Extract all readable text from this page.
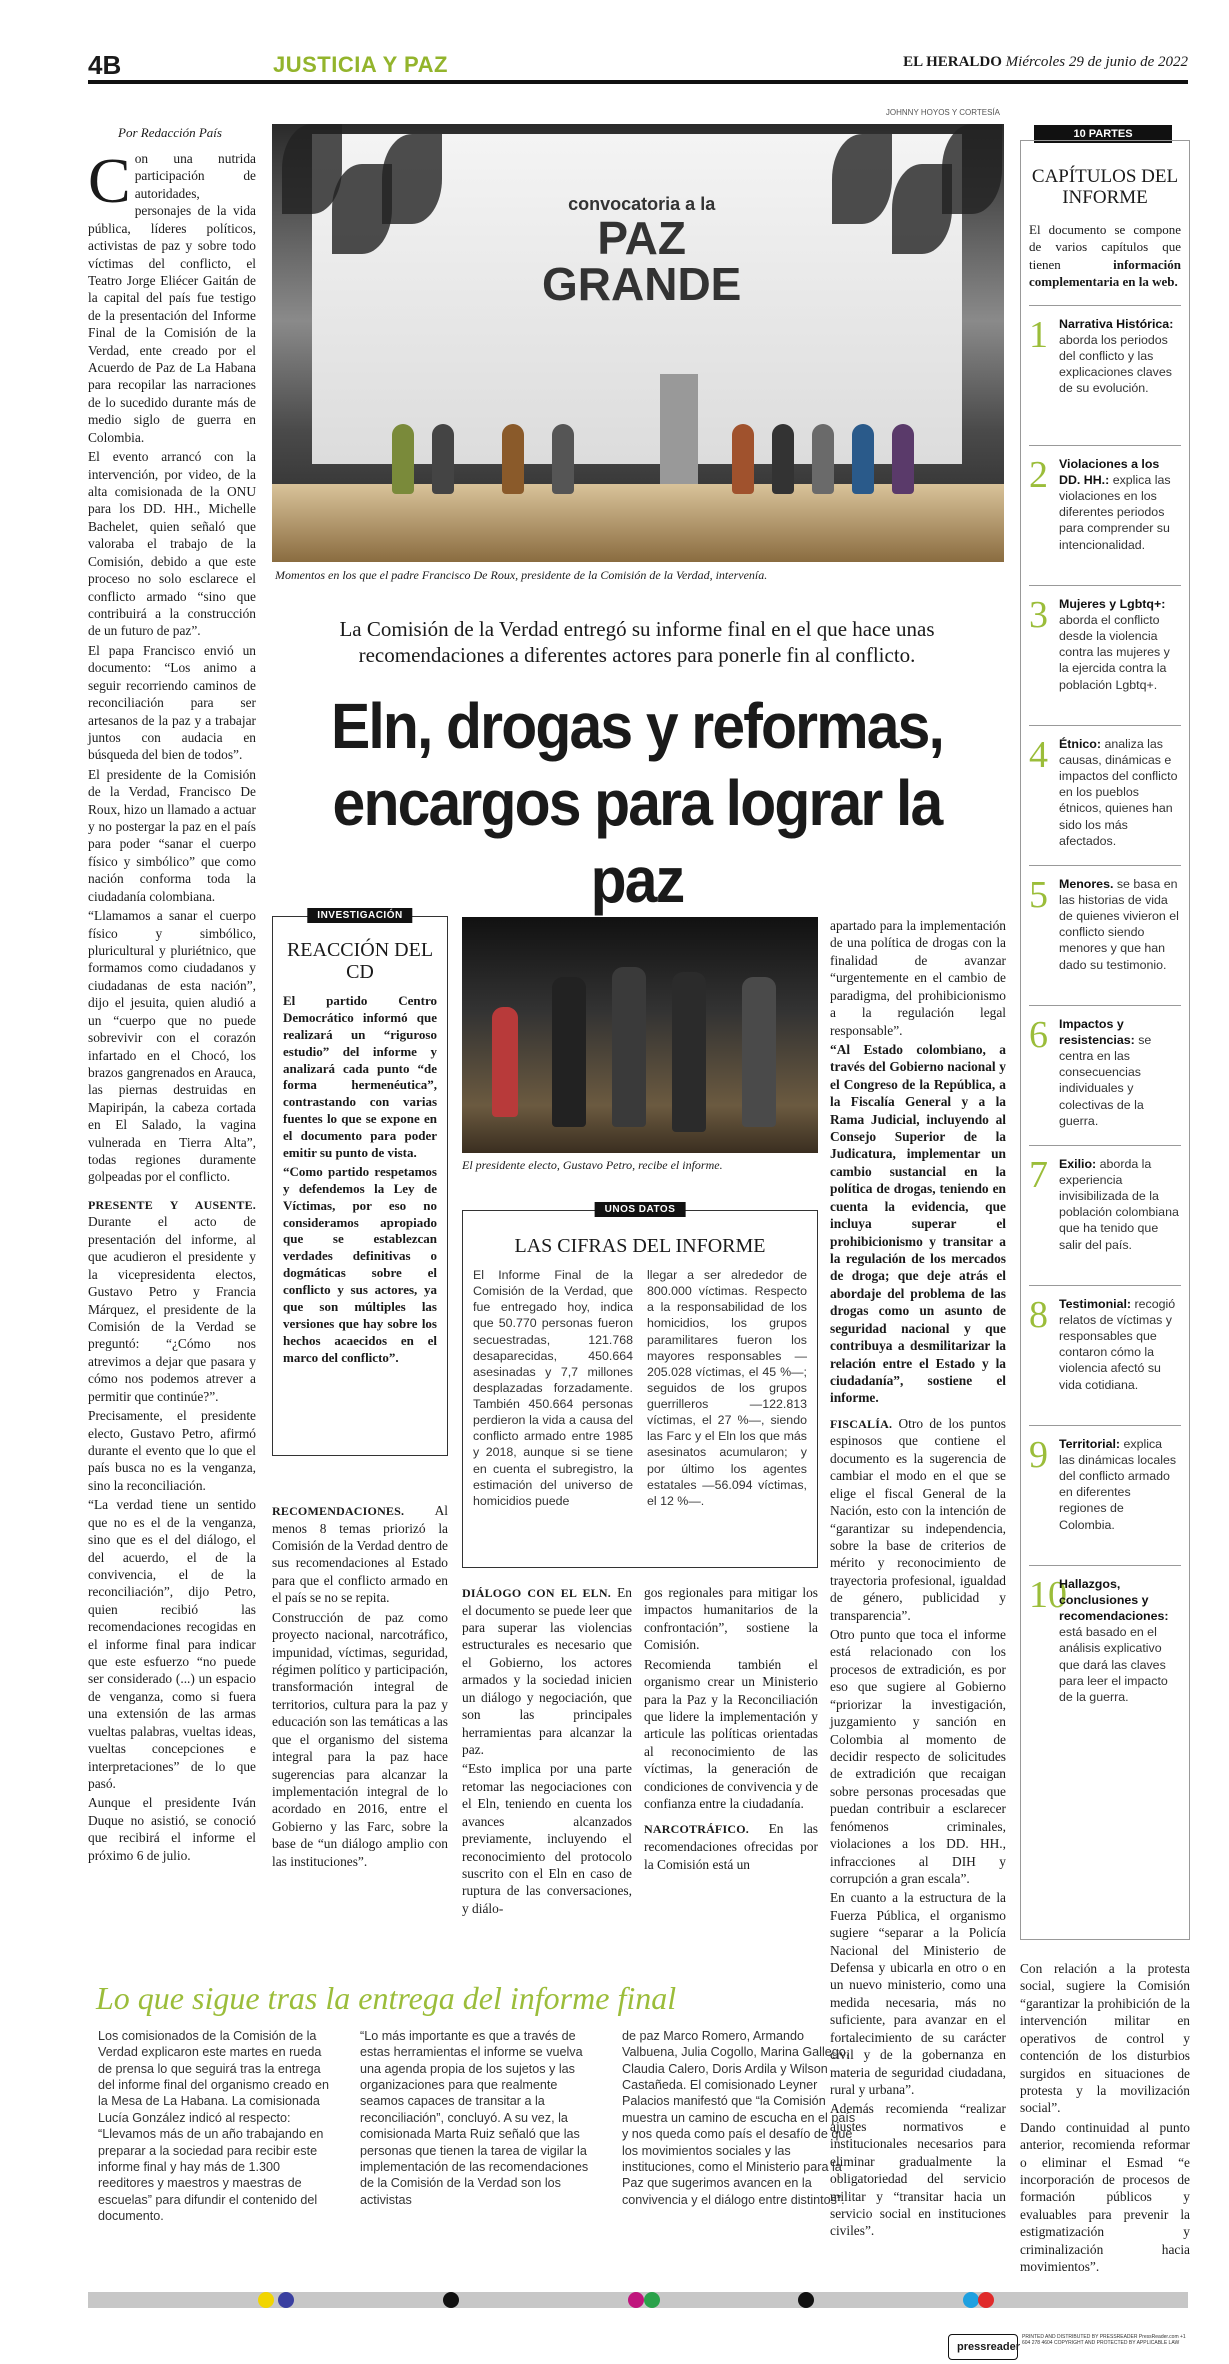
4B	JUSTICIA Y PAZ	EL HERALDO Miércoles 29 de junio de 2022
JOHNNY HOYOS Y CORTESÍA
convocatoria a la
PAZ
GRANDE
Momentos en los que el padre Francisco De Roux, presidente de la Comisión de la Verdad, intervenía.
La Comisión de la Verdad entregó su informe final en el que hace unas recomendaciones a diferentes actores para ponerle fin al conflicto.
Eln, drogas y reformas,
encargos para lograr la paz
Por Redacción País

Con una nutrida participación de autoridades, personajes de la vida pública, líderes políticos, activistas de paz y sobre todo víctimas del conflicto, el Teatro Jorge Eliécer Gaitán de la capital del país fue testigo de la presentación del Informe Final de la Comisión de la Verdad, ente creado por el Acuerdo de Paz de La Habana para recopilar las narraciones de lo sucedido durante más de medio siglo de guerra en Colombia.

El evento arrancó con la intervención, por video, de la alta comisionada de la ONU para los DD. HH., Michelle Bachelet, quien señaló que valoraba el trabajo de la Comisión, debido a que este proceso no solo esclarece el conflicto armado “sino que contribuirá a la construcción de un futuro de paz”.

El papa Francisco envió un documento: “Los animo a seguir recorriendo caminos de reconciliación para ser artesanos de la paz y a trabajar juntos con audacia en búsqueda del bien de todos”.

El presidente de la Comisión de la Verdad, Francisco De Roux, hizo un llamado a actuar y no postergar la paz en el país para poder “sanar el cuerpo físico y simbólico” que como nación conforma toda la ciudadanía colombiana.

“Llamamos a sanar el cuerpo físico y simbólico, pluricultural y pluriétnico, que formamos como ciudadanos y ciudadanas de esta nación”, dijo el jesuita, quien aludió a un “cuerpo que no puede sobrevivir con el corazón infartado en el Chocó, los brazos gangrenados en Arauca, las piernas destruidas en Mapiripán, la cabeza cortada en El Salado, la vagina vulnerada en Tierra Alta”, todas regiones duramente golpeadas por el conflicto.

PRESENTE Y AUSENTE. Durante el acto de presentación del informe, al que acudieron el presidente y la vicepresidenta electos, Gustavo Petro y Francia Márquez, el presidente de la Comisión de la Verdad se preguntó: “¿Cómo nos atrevimos a dejar que pasara y cómo nos podemos atrever a permitir que continúe?”.

Precisamente, el presidente electo, Gustavo Petro, afirmó durante el evento que lo que el país busca no es la venganza, sino la reconciliación.

“La verdad tiene un sentido que no es el de la venganza, sino que es el del diálogo, el del acuerdo, el de la convivencia, el de la reconciliación”, dijo Petro, quien recibió las recomendaciones recogidas en el informe final para indicar que este esfuerzo “no puede ser considerado (...) un espacio de venganza, como si fuera una extensión de las armas vueltas palabras, vueltas ideas, vueltas concepciones e interpretaciones” de lo que pasó.

Aunque el presidente Iván Duque no asistió, se conoció que recibirá el informe el próximo 6 de julio.

INVESTIGACIÓN
REACCIÓN DEL CD

El partido Centro Democrático informó que realizará un “riguroso estudio” del informe y analizará cada punto “de forma hermenéutica”, contrastando con varias fuentes lo que se expone en el documento para poder emitir su punto de vista.

“Como partido respetamos y defendemos la Ley de Víctimas, por eso no consideramos apropiado que se establezcan verdades definitivas o dogmáticas sobre el conflicto y sus actores, ya que son múltiples las versiones que hay sobre los hechos acaecidos en el marco del conflicto”.

El presidente electo, Gustavo Petro, recibe el informe.
UNOS DATOS
LAS CIFRAS DEL INFORME
El Informe Final de la Comisión de la Verdad, que fue entregado hoy, indica que 50.770 personas fueron secuestradas, 121.768 desaparecidas, 450.664 asesinadas y 7,7 millones desplazadas forzadamente. También 450.664 personas perdieron la vida a causa del conflicto armado entre 1985 y 2018, aunque si se tiene en cuenta el subregistro, la estimación del universo de homicidios puede
llegar a ser alrededor de 800.000 víctimas. Respecto a la responsabilidad de los homicidios, los grupos paramilitares fueron los mayores responsables —205.028 víctimas, el 45 %—; seguidos de los grupos guerrilleros —122.813 víctimas, el 27 %—, siendo las Farc y el Eln los que más asesinatos acumularon; y por último los agentes estatales —56.094 víctimas, el 12 %—.

RECOMENDACIONES. Al menos 8 temas priorizó la Comisión de la Verdad dentro de sus recomendaciones al Estado para que el conflicto armado en el país se no se repita.

Construcción de paz como proyecto nacional, narcotráfico, impunidad, víctimas, seguridad, régimen político y participación, transformación integral de territorios, cultura para la paz y educación son las temáticas a las que el organismo del sistema integral para la paz hace sugerencias para alcanzar la implementación integral de lo acordado en 2016, entre el Gobierno y las Farc, sobre la base de “un diálogo amplio con las instituciones”.

DIÁLOGO CON EL ELN. En el documento se puede leer que para superar las violencias estructurales es necesario que el Gobierno, los actores armados y la sociedad inicien un diálogo y negociación, que son las principales herramientas para alcanzar la paz.

“Esto implica por una parte retomar las negociaciones con el Eln, teniendo en cuenta los avances alcanzados previamente, incluyendo el reconocimiento del protocolo suscrito con el Eln en caso de ruptura de las conversaciones, y diálo-

gos regionales para mitigar los impactos humanitarios de la confrontación”, sostiene la Comisión.

Recomienda también el organismo crear un Ministerio para la Paz y la Reconciliación que lidere la implementación y articule las políticas orientadas al reconocimiento de las víctimas, la generación de condiciones de convivencia y de confianza entre la ciudadanía.

NARCOTRÁFICO. En las recomendaciones ofrecidas por la Comisión está un

apartado para la implementación de una política de drogas con la finalidad de avanzar “urgentemente en el cambio de paradigma, del prohibicionismo a la regulación legal responsable”.

“Al Estado colombiano, a través del Gobierno nacional y el Congreso de la República, a la Fiscalía General y a la Rama Judicial, incluyendo al Consejo Superior de la Judicatura, implementar un cambio sustancial en la política de drogas, teniendo en cuenta la evidencia, que incluya superar el prohibicionismo y transitar a la regulación de los mercados de droga; que deje atrás el abordaje del problema de las drogas como un asunto de seguridad nacional y que contribuya a desmilitarizar la relación entre el Estado y la ciudadanía”, sostiene el informe.

FISCALÍA. Otro de los puntos espinosos que contiene el documento es la sugerencia de cambiar el modo en el que se elige el fiscal General de la Nación, esto con la intención de “garantizar su independencia, sobre la base de criterios de mérito y reconocimiento de trayectoria profesional, igualdad de género, publicidad y transparencia”.

Otro punto que toca el informe está relacionado con los procesos de extradición, es por eso que sugiere al Gobierno “priorizar la investigación, juzgamiento y sanción en Colombia al momento de decidir respecto de solicitudes de extradición que recaigan sobre personas procesadas que puedan contribuir a esclarecer fenómenos criminales, violaciones a los DD. HH., infracciones al DIH y corrupción a gran escala”.

En cuanto a la estructura de la Fuerza Pública, el organismo sugiere “separar a la Policía Nacional del Ministerio de Defensa y ubicarla en otro o en un nuevo ministerio, como una medida necesaria, más no suficiente, para avanzar en el fortalecimiento de su carácter civil y de la gobernanza en materia de seguridad ciudadana, rural y urbana”.

Además recomienda “realizar ajustes normativos e institucionales necesarios para eliminar gradualmente la obligatoriedad del servicio militar y “transitar hacia un servicio social en instituciones civiles”.

10 PARTES
CAPÍTULOS DEL INFORME
El documento se compone de varios capítulos que tienen información complementaria en la web.
1 Narrativa Histórica: aborda los periodos del conflicto y las explicaciones claves de su evolución.
2 Violaciones a los DD. HH.: explica las violaciones en los diferentes periodos para comprender su intencionalidad.
3 Mujeres y Lgbtq+: aborda el conflicto desde la violencia contra las mujeres y la ejercida contra la población Lgbtq+.
4 Étnico: analiza las causas, dinámicas e impactos del conflicto en los pueblos étnicos, quienes han sido los más afectados.
5 Menores. se basa en las historias de vida de quienes vivieron el conflicto siendo menores y que han dado su testimonio.
6 Impactos y resistencias: se centra en las consecuencias individuales y colectivas de la guerra.
7 Exilio: aborda la experiencia invisibilizada de la población colombiana que ha tenido que salir del país.
8 Testimonial: recogió relatos de víctimas y responsables que contaron cómo la violencia afectó su vida cotidiana.
9 Territorial: explica las dinámicas locales del conflicto armado en diferentes regiones de Colombia.
10
Hallazgos, conclusiones y recomendaciones: está basado en el análisis explicativo que dará las claves para leer el impacto de la guerra.

Con relación a la protesta social, sugiere la Comisión “garantizar la prohibición de la intervención militar en operativos de control y contención de los disturbios surgidos en situaciones de protesta y la movilización social”.

Dando continuidad al punto anterior, recomienda reformar o eliminar el Esmad “e incorporación de procesos de formación públicos y evaluables para prevenir la estigmatización y criminalización hacia movimientos”.

Lo que sigue tras la entrega del informe final
Los comisionados de la Comisión de la Verdad explicaron este martes en rueda de prensa lo que seguirá tras la entrega del informe final del organismo creado en la Mesa de La Habana. La comisionada Lucía González indicó al respecto: “Llevamos más de un año trabajando en preparar a la sociedad para recibir este informe final y hay más de 1.300 reeditores y maestros y maestras de escuelas” para difundir el contenido del documento.
“Lo más importante es que a través de estas herramientas el informe se vuelva una agenda propia de los sujetos y las organizaciones para que realmente seamos capaces de transitar a la reconciliación”, concluyó. A su vez, la comisionada Marta Ruiz señaló que las personas que tienen la tarea de vigilar la implementación de las recomendaciones de la Comisión de la Verdad son los activistas
de paz Marco Romero, Armando Valbuena, Julia Cogollo, Marina Gallego, Claudia Calero, Doris Ardila y Wilson Castañeda. El comisionado Leyner Palacios manifestó que “la Comisión muestra un camino de escucha en el país y nos queda como país el desafío de que los movimientos sociales y las instituciones, como el Ministerio para la Paz que sugerimos avancen en la convivencia y el diálogo entre distintos”.
pressreader
PRINTED AND DISTRIBUTED BY PRESSREADER PressReader.com +1 604 278 4604 COPYRIGHT AND PROTECTED BY APPLICABLE LAW
